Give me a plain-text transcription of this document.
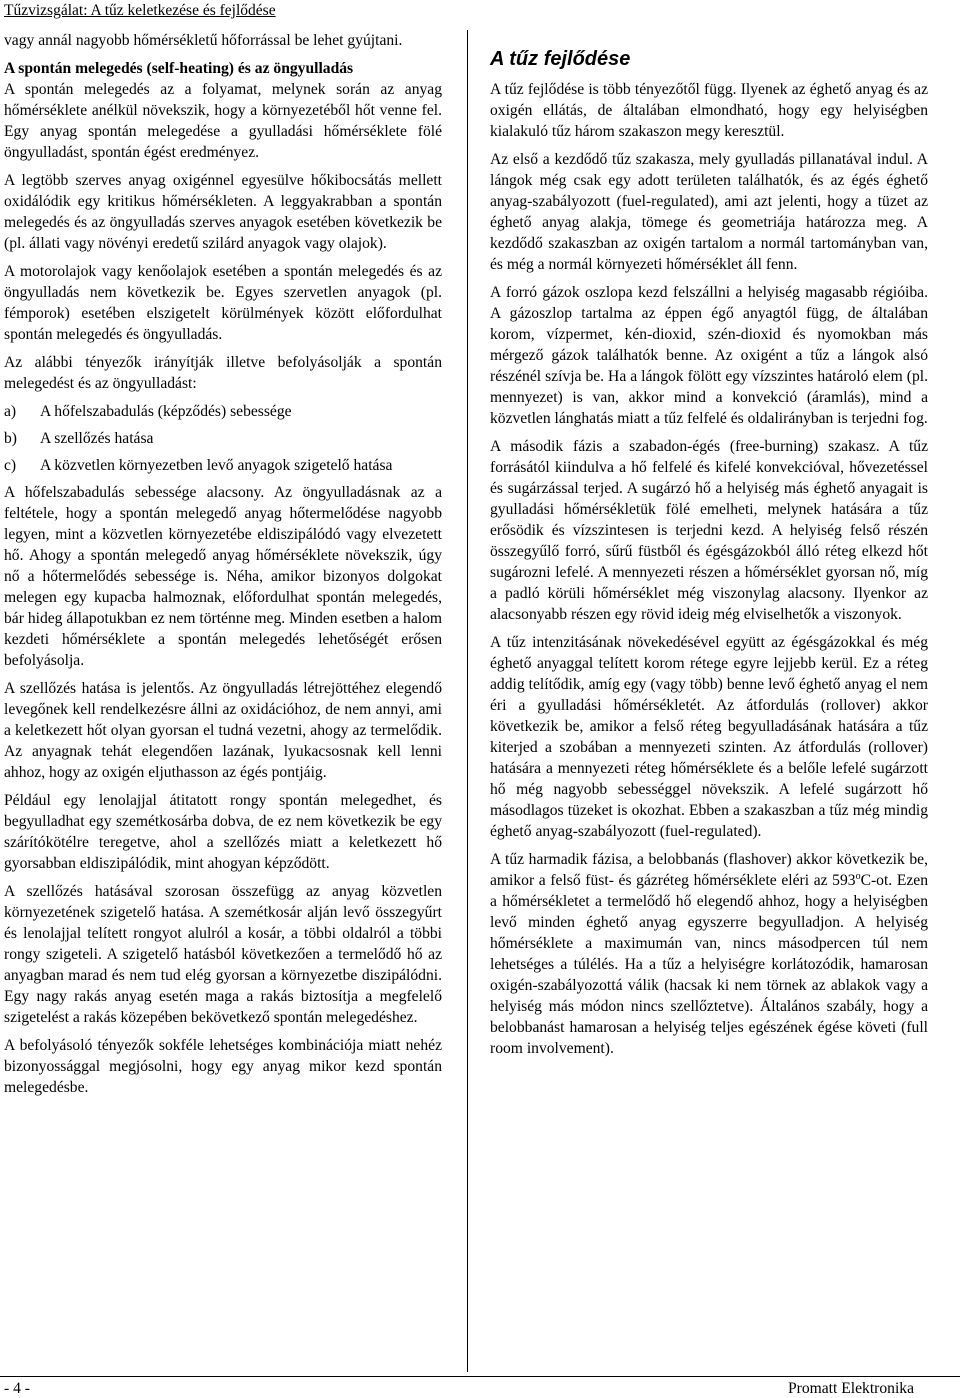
Tűzvizsgálat: A tűz keletkezése és fejlődése

vagy annál nagyobb hőmérsékletű hőforrással be lehet gyújtani.

A spontán melegedés (self-heating) és az öngyulladás

A spontán melegedés az a folyamat, melynek során az anyag hőmérséklete anélkül növekszik, hogy a környezetéből hőt venne fel. Egy anyag spontán melegedése a gyulladási hőmérséklete fölé öngyulladást, spontán égést eredményez.

A legtöbb szerves anyag oxigénnel egyesülve hőkibocsátás mellett oxidálódik egy kritikus hőmérsékleten. A leggyakrabban a spontán melegedés és az öngyulladás szerves anyagok esetében következik be (pl. állati vagy növényi eredetű szilárd anyagok vagy olajok).

A motorolajok vagy kenőolajok esetében a spontán melegedés és az öngyulladás nem következik be. Egyes szervetlen anyagok (pl. fémporok) esetében elszigetelt körülmények között előfordulhat spontán melegedés és öngyulladás.

Az alábbi tényezők irányítják illetve befolyásolják a spontán melegedést és az öngyulladást:

a) A hőfelszabadulás (képződés) sebessége
b) A szellőzés hatása
c) A közvetlen környezetben levő anyagok szigetelő hatása

A hőfelszabadulás sebessége alacsony. Az öngyulladásnak az a feltétele, hogy a spontán melegedő anyag hőtermelődése nagyobb legyen, mint a közvetlen környezetébe eldiszipálódó vagy elvezetett hő. Ahogy a spontán melegedő anyag hőmérséklete növekszik, úgy nő a hőtermelődés sebessége is. Néha, amikor bizonyos dolgokat melegen egy kupacba halmoznak, előfordulhat spontán melegedés, bár hideg állapotukban ez nem történne meg. Minden esetben a halom kezdeti hőmérséklete a spontán melegedés lehetőségét erősen befolyásolja.

A szellőzés hatása is jelentős. Az öngyulladás létrejöttéhez elegendő levegőnek kell rendelkezésre állni az oxidációhoz, de nem annyi, ami a keletkezett hőt olyan gyorsan el tudná vezetni, ahogy az termelődik. Az anyagnak tehát elegendően lazának, lyukacsosnak kell lenni ahhoz, hogy az oxigén eljuthasson az égés pontjáig.

Például egy lenolajjal átitatott rongy spontán melegedhet, és begyulladhat egy szemétkosárba dobva, de ez nem következik be egy szárítókötélre teregetve, ahol a szellőzés miatt a keletkezett hő gyorsabban eldiszipálódik, mint ahogyan képződött.

A szellőzés hatásával szorosan összefügg az anyag közvetlen környezetének szigetelő hatása. A szemétkosár alján levő összegyűrt és lenolajjal telített rongyot alulról a kosár, a többi oldalról a többi rongy szigeteli. A szigetelő hatásból következően a termelődő hő az anyagban marad és nem tud elég gyorsan a környezetbe diszipálódni. Egy nagy rakás anyag esetén maga a rakás biztosítja a megfelelő szigetelést a rakás közepében bekövetkező spontán melegedéshez.

A befolyásoló tényezők sokféle lehetséges kombinációja miatt nehéz bizonyossággal megjósolni, hogy egy anyag mikor kezd spontán melegedésbe.

A tűz fejlődése

A tűz fejlődése is több tényezőtől függ. Ilyenek az éghető anyag és az oxigén ellátás, de általában elmondható, hogy egy helyiségben kialakuló tűz három szakaszon megy keresztül.

Az első a kezdődő tűz szakasza, mely gyulladás pillanatával indul. A lángok még csak egy adott területen találhatók, és az égés éghető anyag-szabályozott (fuel-regulated), ami azt jelenti, hogy a tüzet az éghető anyag alakja, tömege és geometriája határozza meg. A kezdődő szakaszban az oxigén tartalom a normál tartományban van, és még a normál környezeti hőmérséklet áll fenn.

A forró gázok oszlopa kezd felszállni a helyiség magasabb régióiba. A gázoszlop tartalma az éppen égő anyagtól függ, de általában korom, vízpermet, kén-dioxid, szén-dioxid és nyomokban más mérgező gázok találhatók benne. Az oxigént a tűz a lángok alsó részénél szívja be. Ha a lángok fölött egy vízszintes határoló elem (pl. mennyezet) is van, akkor mind a konvekció (áramlás), mind a közvetlen lánghatás miatt a tűz felfelé és oldalirányban is terjedni fog.

A második fázis a szabadon-égés (free-burning) szakasz. A tűz forrásától kiindulva a hő felfelé és kifelé konvekcióval, hővezetéssel és sugárzással terjed. A sugárzó hő a helyiség más éghető anyagait is gyulladási hőmérsékletük fölé emelheti, melynek hatására a tűz erősödik és vízszintesen is terjedni kezd. A helyiség felső részén összegyűlő forró, sűrű füstből és égésgázokból álló réteg elkezd hőt sugározni lefelé. A mennyezeti részen a hőmérséklet gyorsan nő, míg a padló körüli hőmérséklet még viszonylag alacsony. Ilyenkor az alacsonyabb részen egy rövid ideig még elviselhetők a viszonyok.

A tűz intenzitásának növekedésével együtt az égésgázokkal és még éghető anyaggal telített korom rétege egyre lejjebb kerül. Ez a réteg addig telítődik, amíg egy (vagy több) benne levő éghető anyag el nem éri a gyulladási hőmérsékletét. Az átfordulás (rollover) akkor következik be, amikor a felső réteg begyulladásának hatására a tűz kiterjed a szobában a mennyezeti szinten. Az átfordulás (rollover) hatására a mennyezeti réteg hőmérséklete és a belőle lefelé sugárzott hő még nagyobb sebességgel növekszik. A lefelé sugárzott hő másodlagos tüzeket is okozhat. Ebben a szakaszban a tűz még mindig éghető anyag-szabályozott (fuel-regulated).

A tűz harmadik fázisa, a belobbanás (flashover) akkor következik be, amikor a felső füst- és gázréteg hőmérséklete eléri az 593$^o$C-ot. Ezen a hőmérsékletet a termelődő hő elegendő ahhoz, hogy a helyiségben levő minden éghető anyag egyszerre begyulladjon. A helyiség hőmérséklete a maximumán van, nincs másodpercen túl nem lehetséges a túlélés. Ha a tűz a helyiségre korlátozódik, hamarosan oxigén-szabályozottá válik (hacsak ki nem törnek az ablakok vagy a helyiség más módon nincs szellőztetve). Általános szabály, hogy a belobbanást hamarosan a helyiség teljes egészének égése követi (full room involvement).

- 4 -	Promatt Elektronika
